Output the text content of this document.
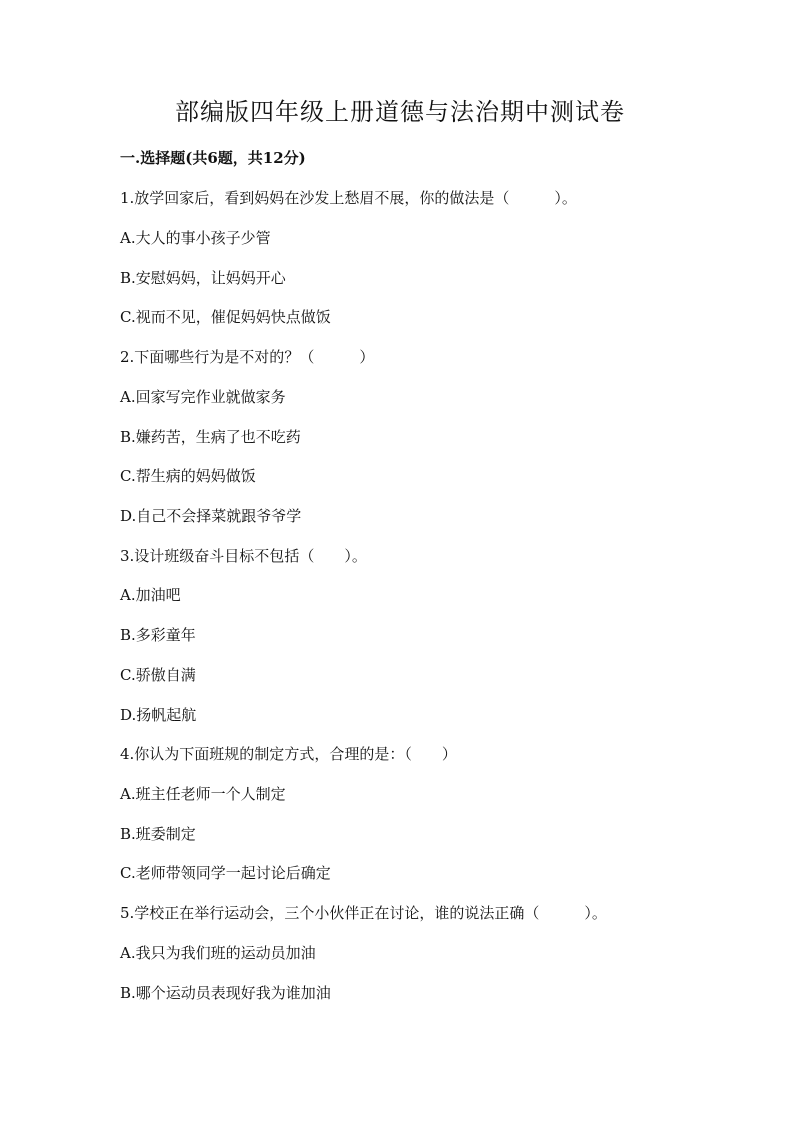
部编版四年级上册道德与法治期中测试卷
一.选择题(共6题，共12分)
1.放学回家后，看到妈妈在沙发上愁眉不展，你的做法是（　　　）。
A.大人的事小孩子少管
B.安慰妈妈，让妈妈开心
C.视而不见，催促妈妈快点做饭
2.下面哪些行为是不对的？（　　　）
A.回家写完作业就做家务
B.嫌药苦，生病了也不吃药
C.帮生病的妈妈做饭
D.自己不会择菜就跟爷爷学
3.设计班级奋斗目标不包括（　　）。
A.加油吧
B.多彩童年
C.骄傲自满
D.扬帆起航
4.你认为下面班规的制定方式，合理的是：（　　）
A.班主任老师一个人制定
B.班委制定
C.老师带领同学一起讨论后确定
5.学校正在举行运动会，三个小伙伴正在讨论，谁的说法正确（　　　）。
A.我只为我们班的运动员加油
B.哪个运动员表现好我为谁加油
